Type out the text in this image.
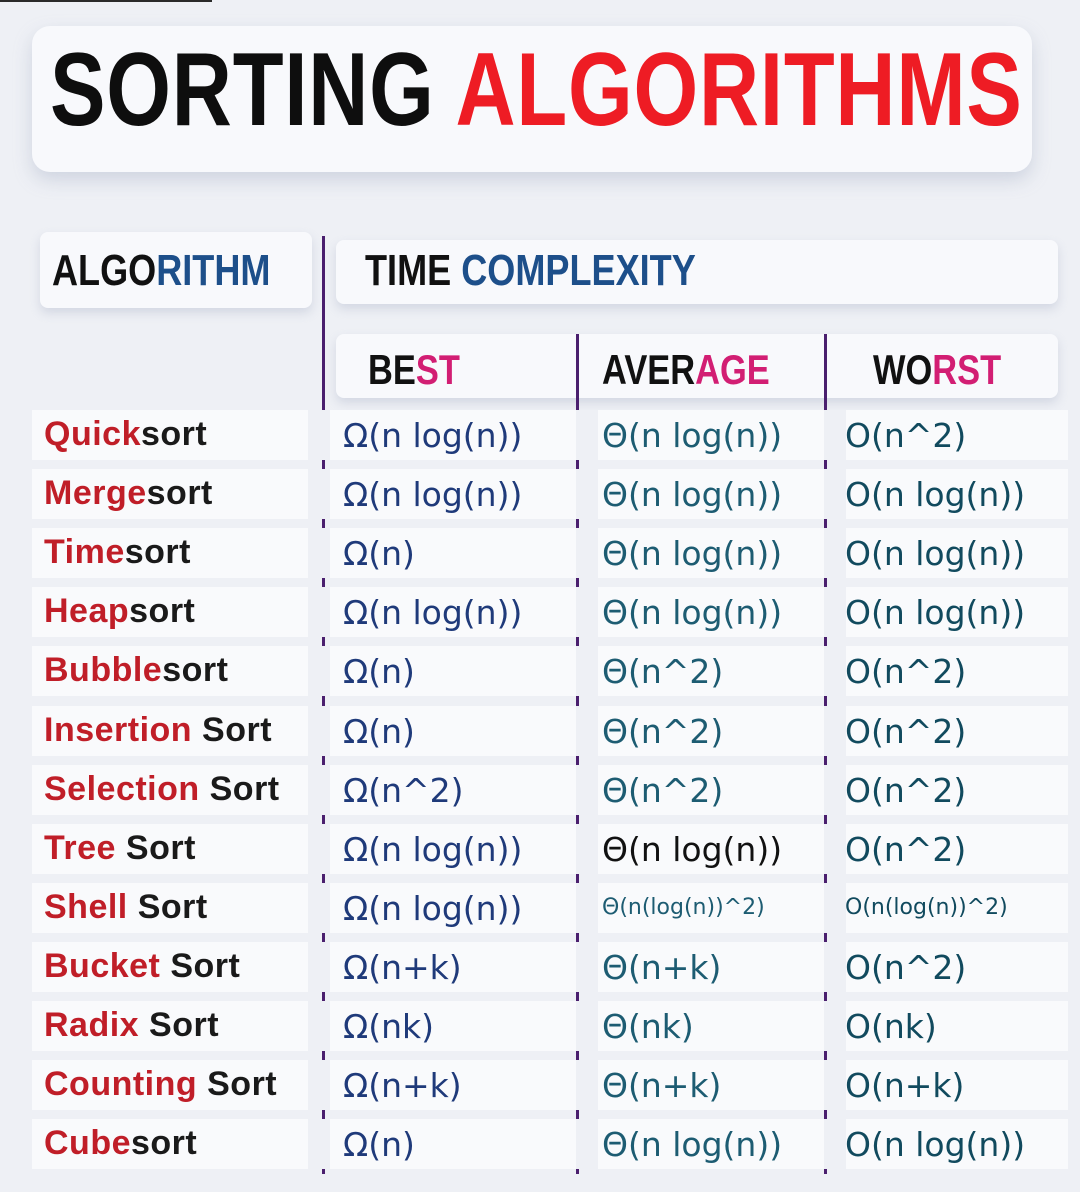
SORTING ALGORITHMS
ALGORITHM TIME COMPLEXITY
BEST	AVERAGE WORST
Quicksort	Ω(n log(n)) Θ(n log(n)) O(n^2)
Mergesort	Ω(n log(n)) Θ(n log(n)) O(n log(n))
Timesort	Ω(n)	Θ(n log(n)) O(n log(n))
Heapsort	Ω(n log(n)) Θ(n log(n)) O(n log(n))
Bubblesort	Ω(n)	Θ(n^2)	O(n^2)
Insertion Sort Ω(n)	Θ(n^2)	O(n^2)
Selection Sort Ω(n^2)	Θ(n^2)	O(n^2)
Tree Sort	Ω(n log(n)) Θ(n log(n)) O(n^2)
Shell Sort	Ω(n log(n))	Θ(n(log(n))^2)	O(n(log(n))^2)
Bucket Sort	Ω(n+k)	Θ(n+k)	O(n^2)
Radix Sort	Ω(nk)	Θ(nk)	O(nk)
Counting Sort Ω(n+k)	Θ(n+k)	O(n+k)
Cubesort	Ω(n)	Θ(n log(n)) O(n log(n))
